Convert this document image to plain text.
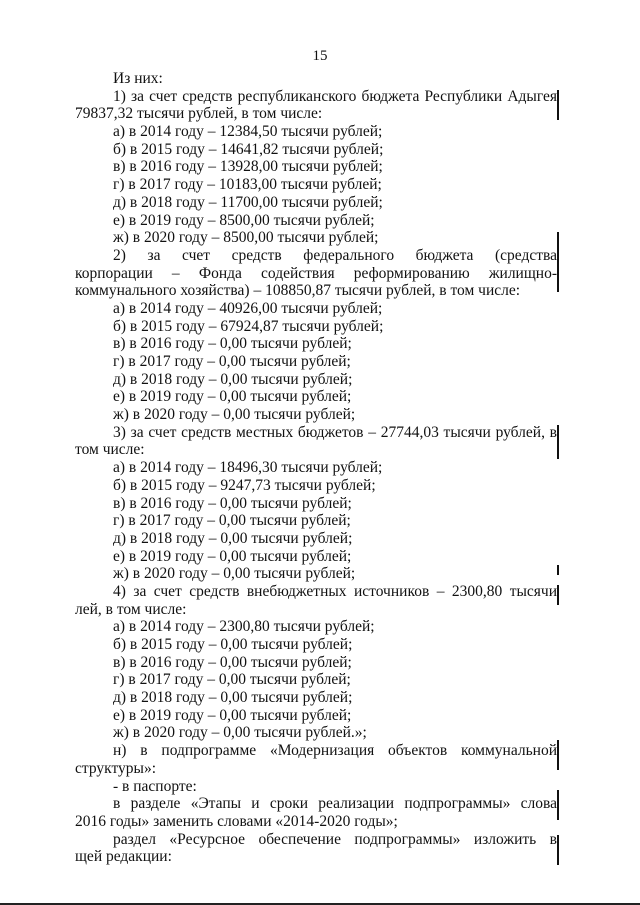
15
Из них:
1) за счет средств республиканского бюджета Республики Адыгея
79837,32 тысячи рублей, в том числе:
а) в 2014 году – 12384,50 тысячи рублей;
б) в 2015 году – 14641,82 тысячи рублей;
в) в 2016 году – 13928,00 тысячи рублей;
г) в 2017 году – 10183,00 тысячи рублей;
д) в 2018 году – 11700,00 тысячи рублей;
е) в 2019 году – 8500,00 тысячи рублей;
ж) в 2020 году – 8500,00 тысячи рублей;
2) за счет средств федерального бюджета (средства
корпорации – Фонда содействия реформированию жилищно-
коммунального хозяйства) – 108850,87 тысячи рублей, в том числе:
а) в 2014 году – 40926,00 тысячи рублей;
б) в 2015 году – 67924,87 тысячи рублей;
в) в 2016 году – 0,00 тысячи рублей;
г) в 2017 году – 0,00 тысячи рублей;
д) в 2018 году – 0,00 тысячи рублей;
е) в 2019 году – 0,00 тысячи рублей;
ж) в 2020 году – 0,00 тысячи рублей;
3) за счет средств местных бюджетов – 27744,03 тысячи рублей, в
том числе:
а) в 2014 году – 18496,30 тысячи рублей;
б) в 2015 году – 9247,73 тысячи рублей;
в) в 2016 году – 0,00 тысячи рублей;
г) в 2017 году – 0,00 тысячи рублей;
д) в 2018 году – 0,00 тысячи рублей;
е) в 2019 году – 0,00 тысячи рублей;
ж) в 2020 году – 0,00 тысячи рублей;
4) за счет средств внебюджетных источников – 2300,80 тысячи
лей, в том числе:
а) в 2014 году – 2300,80 тысячи рублей;
б) в 2015 году – 0,00 тысячи рублей;
в) в 2016 году – 0,00 тысячи рублей;
г) в 2017 году – 0,00 тысячи рублей;
д) в 2018 году – 0,00 тысячи рублей;
е) в 2019 году – 0,00 тысячи рублей;
ж) в 2020 году – 0,00 тысячи рублей.»;
н) в подпрограмме «Модернизация объектов коммунальной
структуры»:
- в паспорте:
в разделе «Этапы и сроки реализации подпрограммы» слова
2016 годы» заменить словами «2014-2020 годы»;
раздел «Ресурсное обеспечение подпрограммы» изложить в
щей редакции:
